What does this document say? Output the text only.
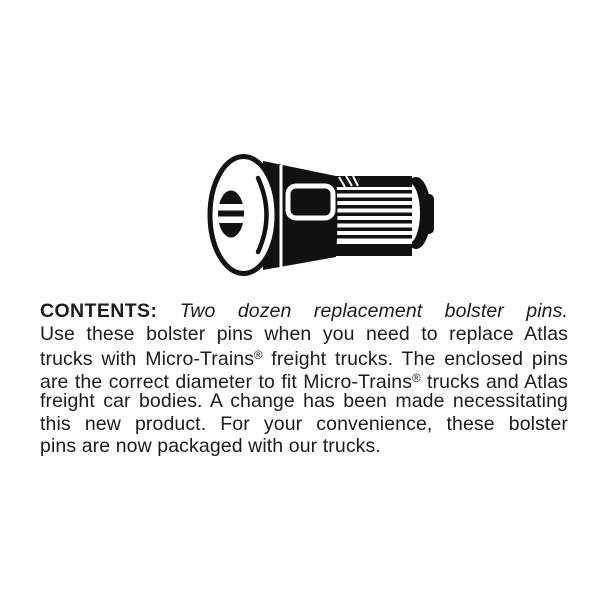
CONTENTS: Two dozen replacement bolster pins.
Use these bolster pins when you need to replace Atlas
trucks with Micro-Trains® freight trucks. The enclosed pins
are the correct diameter to fit Micro-Trains® trucks and Atlas
freight car bodies. A change has been made necessitating
this new product. For your convenience, these bolster
pins are now packaged with our trucks.
